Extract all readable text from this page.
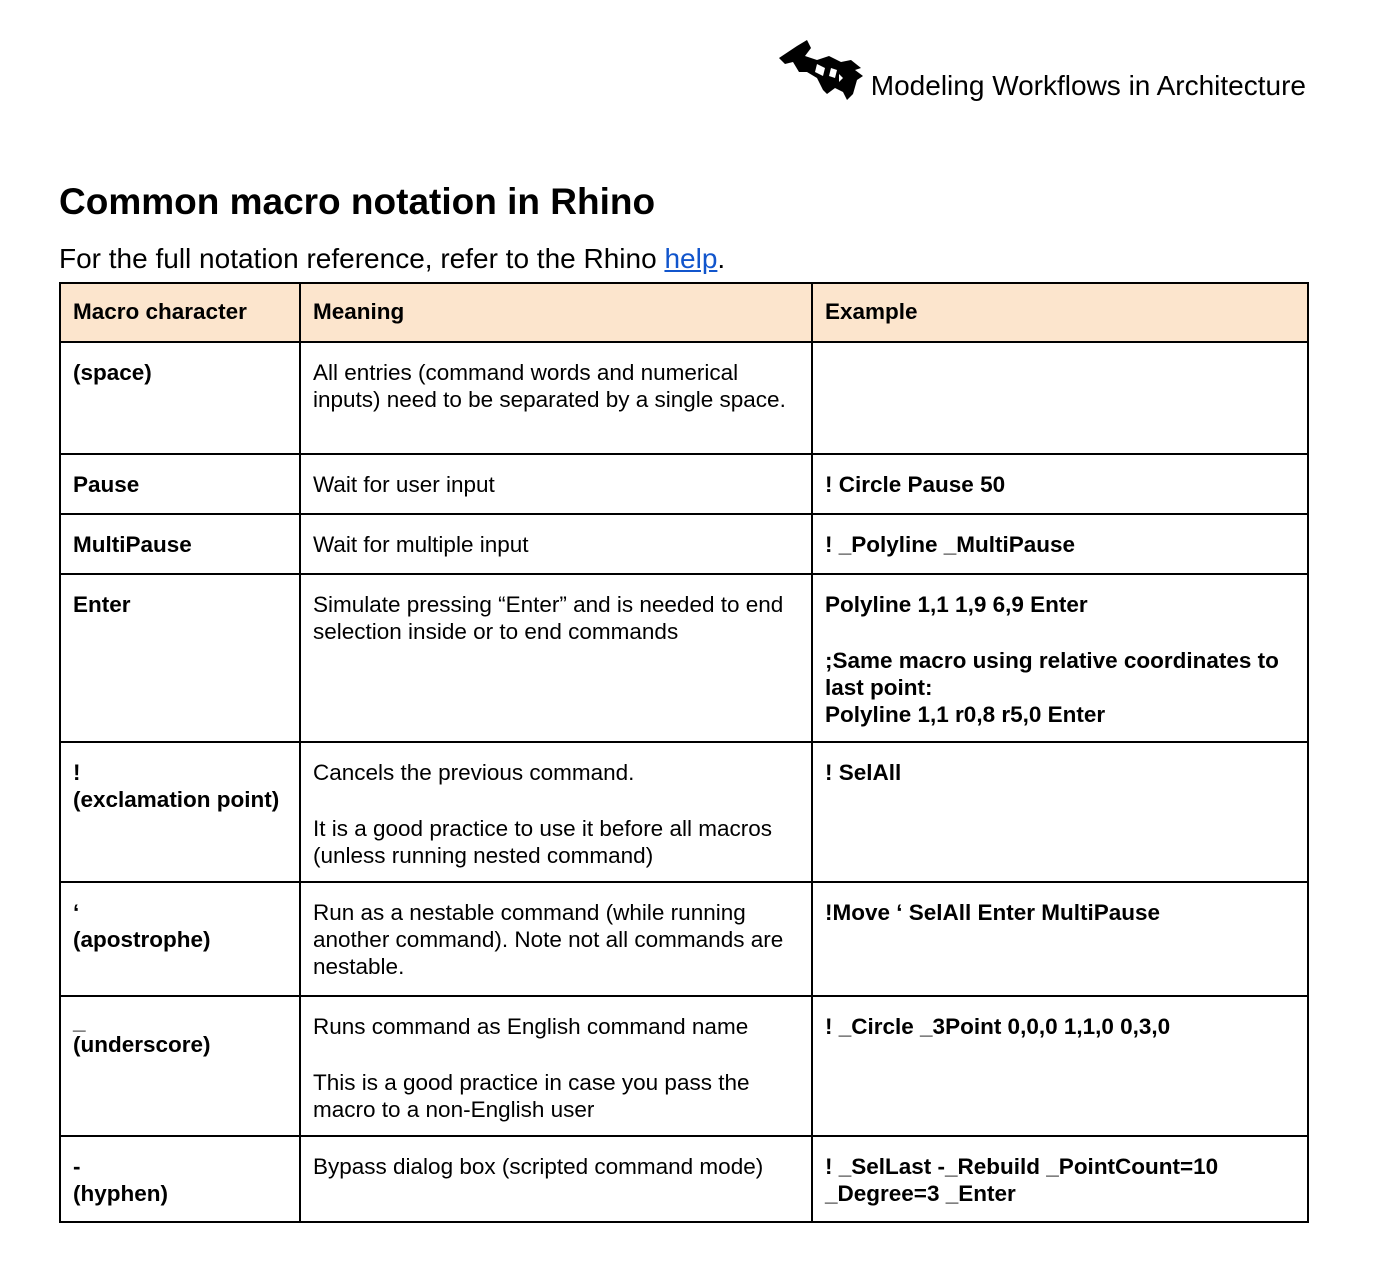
Modeling Workflows in Architecture
Common macro notation in Rhino

For the full notation reference, refer to the Rhino help.

Macro character	Meaning	Example

(space)	All entries (command words and numerical inputs) need to be separated by a single space.	

Pause	Wait for user input	! Circle Pause 50

MultiPause	Wait for multiple input	! _Polyline _MultiPause

Enter	Simulate pressing “Enter” and is needed to end selection inside or to end commands	Polyline 1,1 1,9 6,9 Enter
;Same macro using relative coordinates to last point:
Polyline 1,1 r0,8 r5,0 Enter

!
(exclamation point)	Cancels the previous command.
It is a good practice to use it before all macros (unless running nested command)	! SelAll

‘
(apostrophe)	Run as a nestable command (while running another command). Note not all commands are nestable.	!Move ‘ SelAll Enter MultiPause

_
(underscore)	Runs command as English command name
This is a good practice in case you pass the macro to a non-English user	! _Circle _3Point 0,0,0 1,1,0 0,3,0

-
(hyphen)	Bypass dialog box (scripted command mode)	! _SelLast -_Rebuild _PointCount=10 _Degree=3 _Enter
